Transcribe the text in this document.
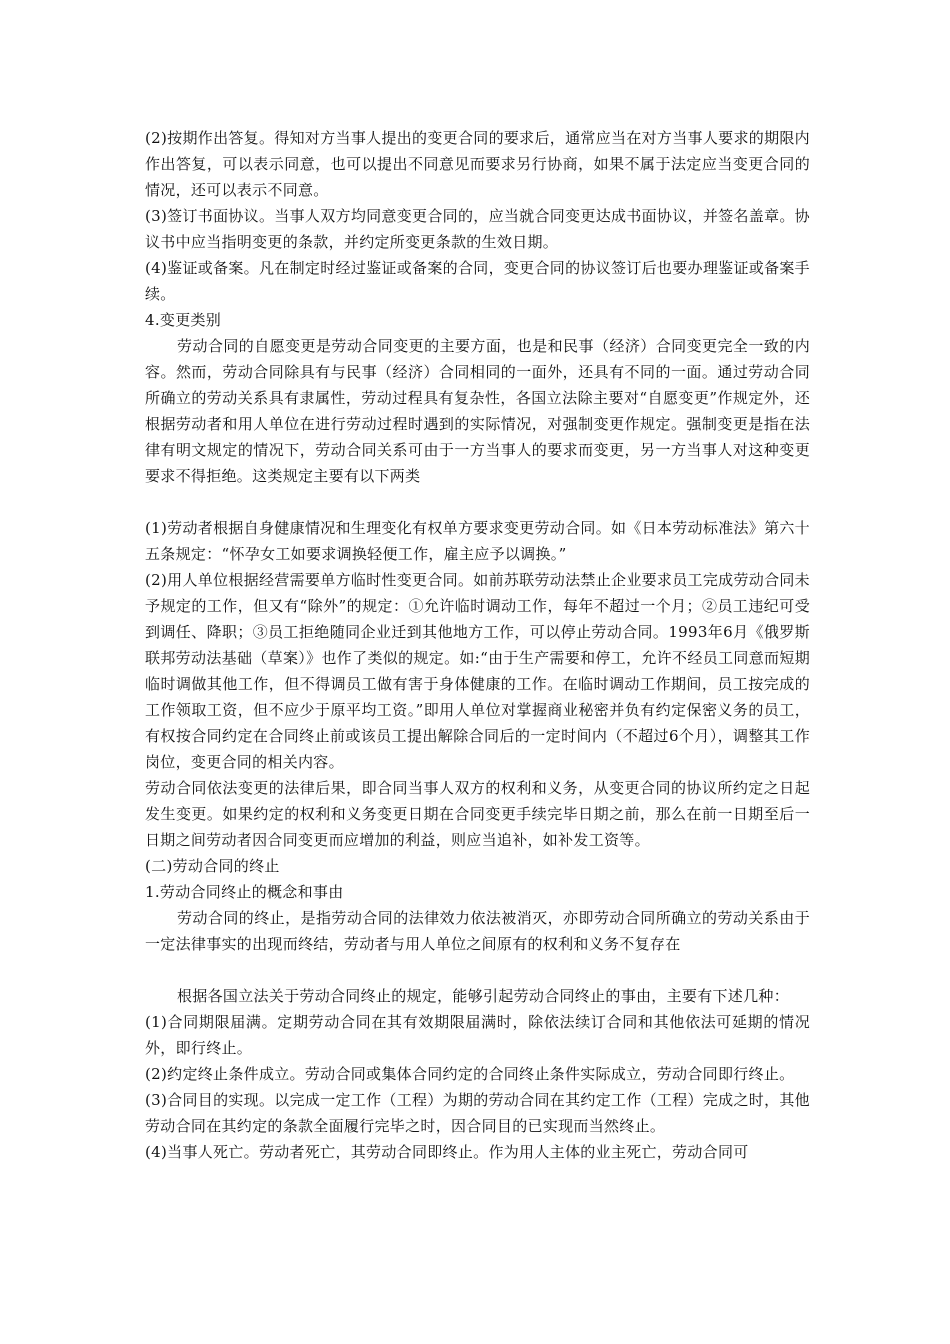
(2)按期作出答复。得知对方当事人提出的变更合同的要求后，通常应当在对方当事人要求的期限内作出答复，可以表示同意，也可以提出不同意见而要求另行协商，如果不属于法定应当变更合同的情况，还可以表示不同意。

(3)签订书面协议。当事人双方均同意变更合同的，应当就合同变更达成书面协议，并签名盖章。协议书中应当指明变更的条款，并约定所变更条款的生效日期。

(4)鉴证或备案。凡在制定时经过鉴证或备案的合同，变更合同的协议签订后也要办理鉴证或备案手续。

4.变更类别

劳动合同的自愿变更是劳动合同变更的主要方面，也是和民事（经济）合同变更完全一致的内容。然而，劳动合同除具有与民事（经济）合同相同的一面外，还具有不同的一面。通过劳动合同所确立的劳动关系具有隶属性，劳动过程具有复杂性，各国立法除主要对“自愿变更”作规定外，还根据劳动者和用人单位在进行劳动过程时遇到的实际情况，对强制变更作规定。强制变更是指在法律有明文规定的情况下，劳动合同关系可由于一方当事人的要求而变更，另一方当事人对这种变更要求不得拒绝。这类规定主要有以下两类

(1)劳动者根据自身健康情况和生理变化有权单方要求变更劳动合同。如《日本劳动标准法》第六十五条规定：“怀孕女工如要求调换轻便工作，雇主应予以调换。”

(2)用人单位根据经营需要单方临时性变更合同。如前苏联劳动法禁止企业要求员工完成劳动合同未予规定的工作，但又有“除外”的规定：①允许临时调动工作，每年不超过一个月；②员工违纪可受到调任、降职；③员工拒绝随同企业迁到其他地方工作，可以停止劳动合同。1993年6月《俄罗斯联邦劳动法基础（草案）》也作了类似的规定。如:“由于生产需要和停工，允许不经员工同意而短期临时调做其他工作，但不得调员工做有害于身体健康的工作。在临时调动工作期间，员工按完成的工作领取工资，但不应少于原平均工资。”即用人单位对掌握商业秘密并负有约定保密义务的员工，有权按合同约定在合同终止前或该员工提出解除合同后的一定时间内（不超过6个月），调整其工作岗位，变更合同的相关内容。

劳动合同依法变更的法律后果，即合同当事人双方的权利和义务，从变更合同的协议所约定之日起发生变更。如果约定的权利和义务变更日期在合同变更手续完毕日期之前，那么在前一日期至后一日期之间劳动者因合同变更而应增加的利益，则应当追补，如补发工资等。

(二)劳动合同的终止

1.劳动合同终止的概念和事由

劳动合同的终止，是指劳动合同的法律效力依法被消灭，亦即劳动合同所确立的劳动关系由于一定法律事实的出现而终结，劳动者与用人单位之间原有的权利和义务不复存在

根据各国立法关于劳动合同终止的规定，能够引起劳动合同终止的事由，主要有下述几种：

(1)合同期限届满。定期劳动合同在其有效期限届满时，除依法续订合同和其他依法可延期的情况外，即行终止。

(2)约定终止条件成立。劳动合同或集体合同约定的合同终止条件实际成立，劳动合同即行终止。

(3)合同目的实现。以完成一定工作（工程）为期的劳动合同在其约定工作（工程）完成之时，其他劳动合同在其约定的条款全面履行完毕之时，因合同目的已实现而当然终止。

(4)当事人死亡。劳动者死亡，其劳动合同即终止。作为用人主体的业主死亡，劳动合同可
